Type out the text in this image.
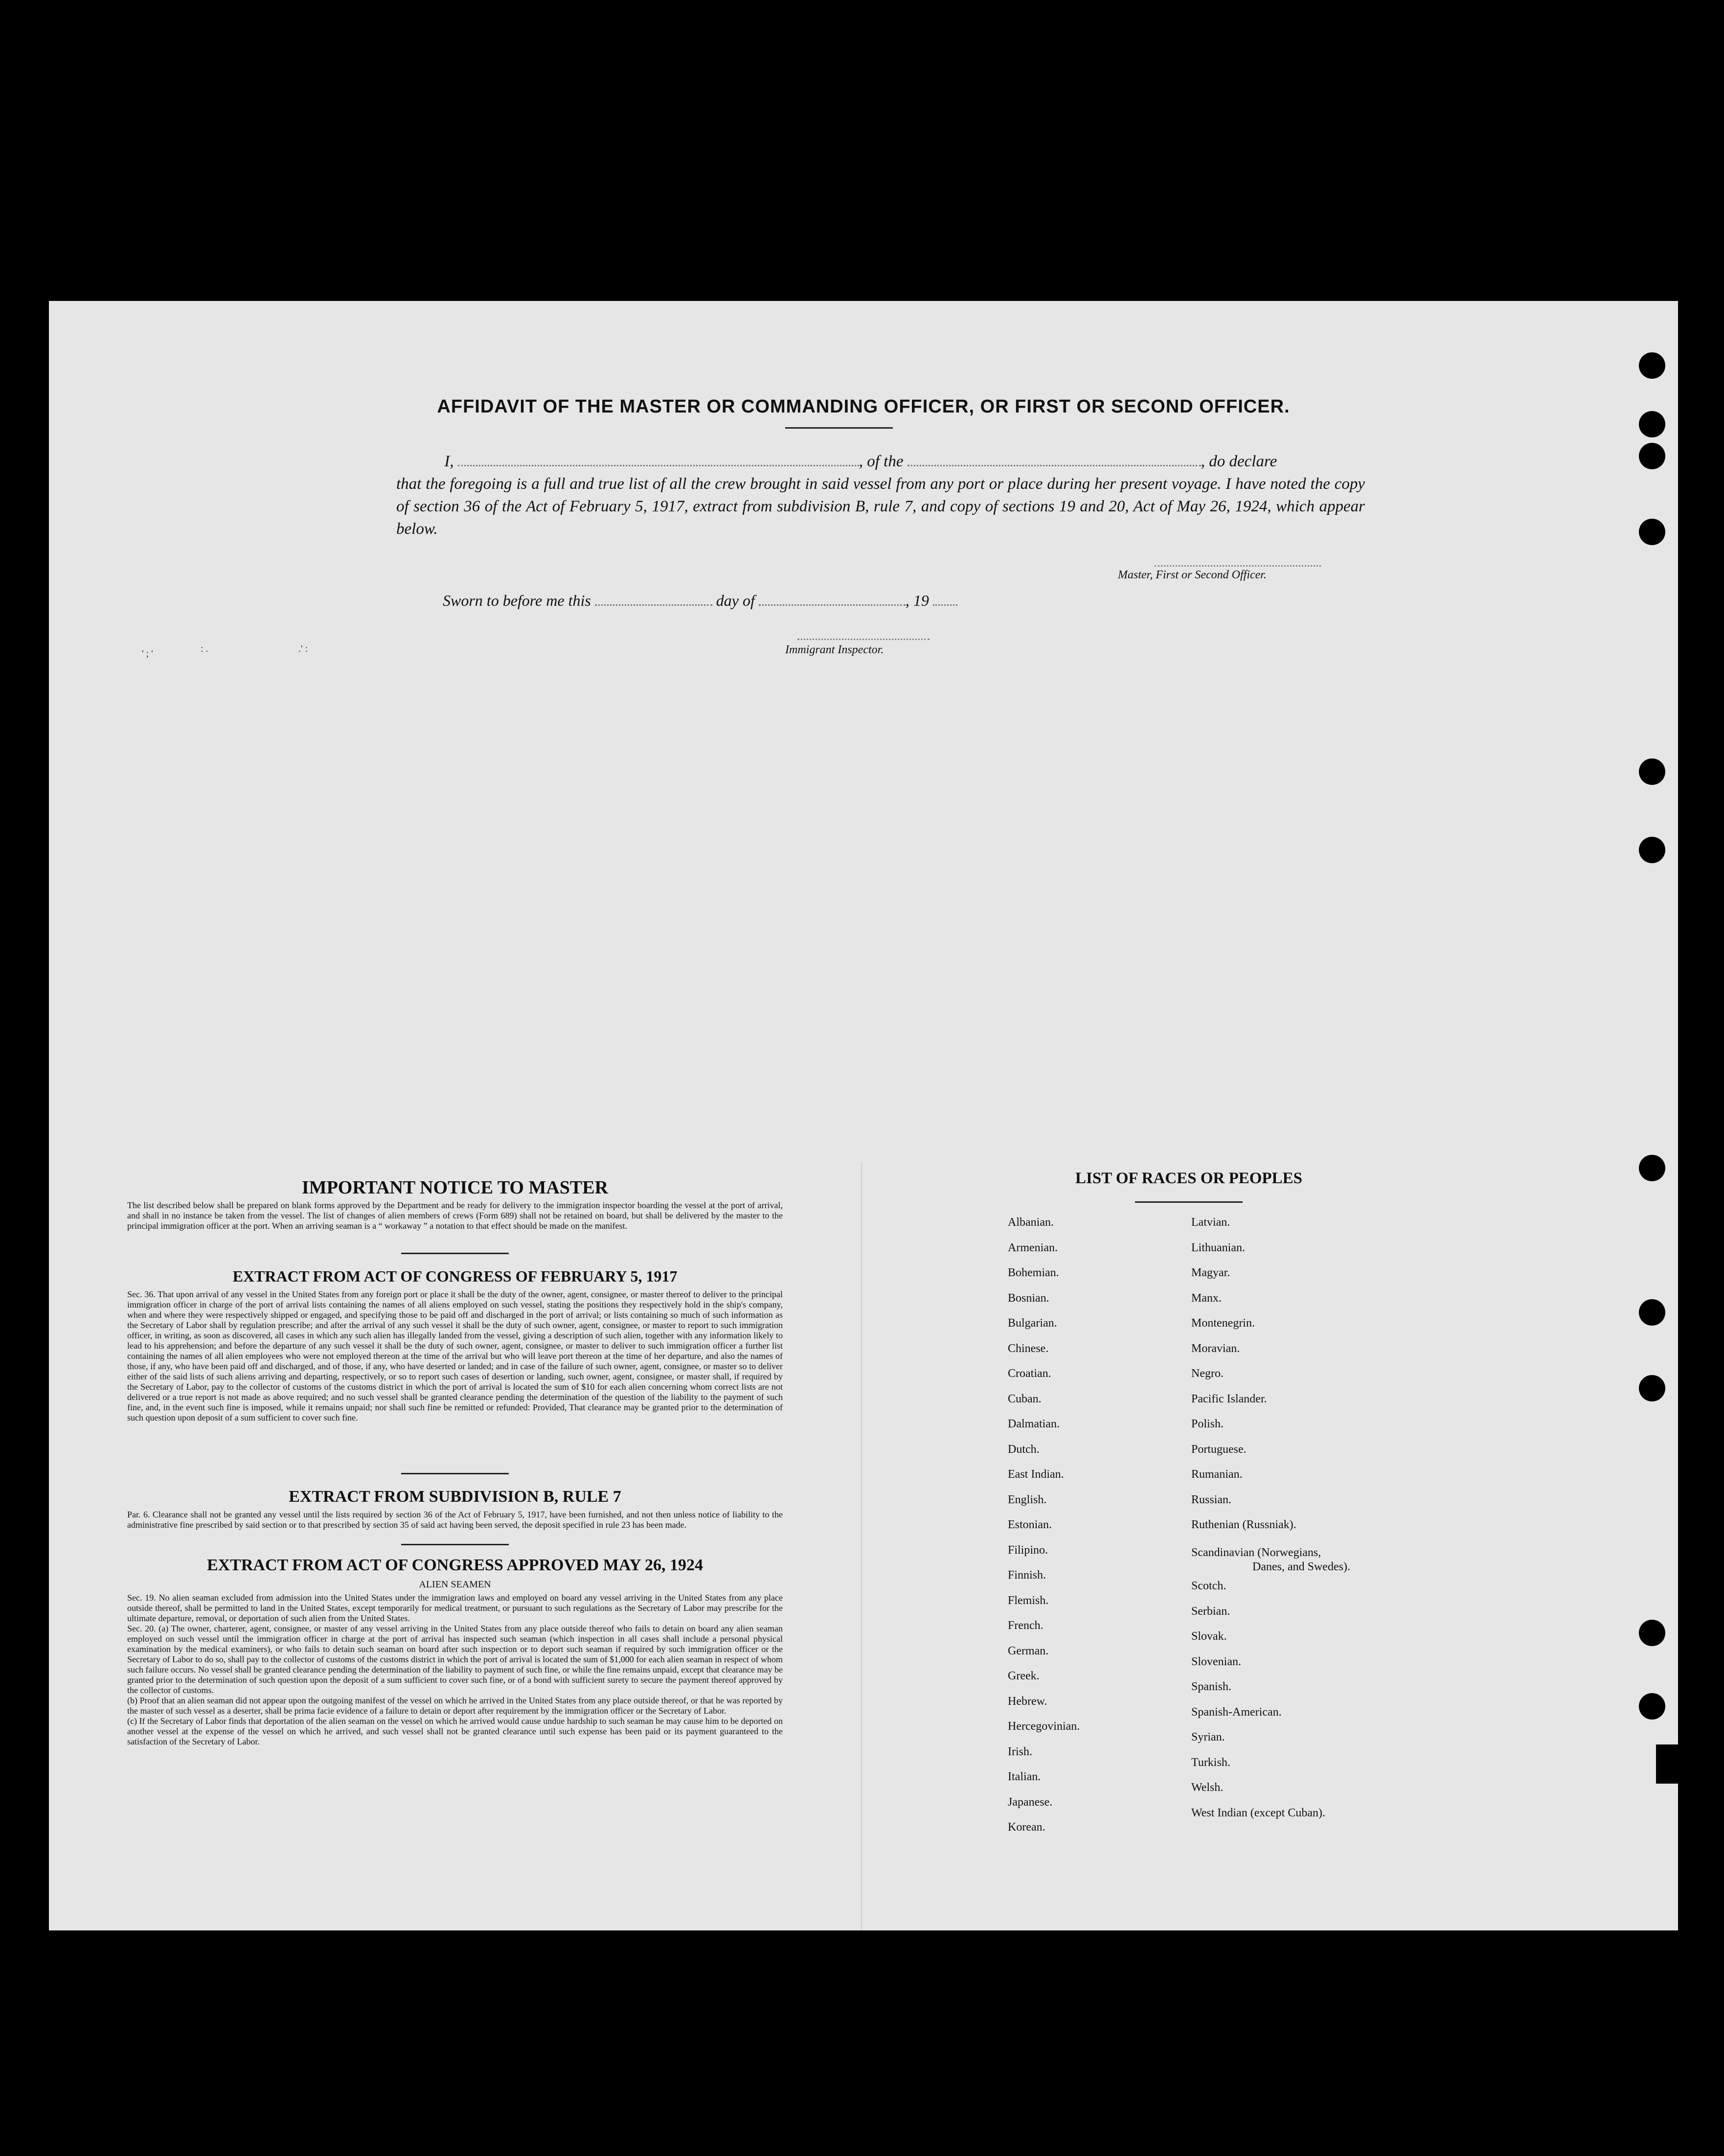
AFFIDAVIT OF THE MASTER OR COMMANDING OFFICER, OR FIRST OR SECOND OFFICER.
I,	, of the	, do declare
that the foregoing is a full and true list of all the crew brought in said vessel from any port or place during her present voyage. I have noted the copy of section 36 of the Act of February 5, 1917, extract from subdivision B, rule 7, and copy of sections 19 and 20, Act of May 26, 1924, which appear below.
Master, First or Second Officer.
Sworn to before me this	day of	, 19
Immigrant Inspector.
' ; '	: .	.' :
IMPORTANT NOTICE TO MASTER
The list described below shall be prepared on blank forms approved by the Department and be ready for delivery to the immigration inspector boarding the vessel at the port of arrival, and shall in no instance be taken from the vessel. The list of changes of alien members of crews (Form 689) shall not be retained on board, but shall be delivered by the master to the principal immigration officer at the port. When an arriving seaman is a “ workaway ” a notation to that effect should be made on the manifest.
EXTRACT FROM ACT OF CONGRESS OF FEBRUARY 5, 1917
Sec. 36. That upon arrival of any vessel in the United States from any foreign port or place it shall be the duty of the owner, agent, consignee, or master thereof to deliver to the principal immigration officer in charge of the port of arrival lists containing the names of all aliens employed on such vessel, stating the positions they respectively hold in the ship's company, when and where they were respectively shipped or engaged, and specifying those to be paid off and discharged in the port of arrival; or lists containing so much of such information as the Secretary of Labor shall by regulation prescribe; and after the arrival of any such vessel it shall be the duty of such owner, agent, consignee, or master to report to such immigration officer, in writing, as soon as discovered, all cases in which any such alien has illegally landed from the vessel, giving a description of such alien, together with any information likely to lead to his apprehension; and before the departure of any such vessel it shall be the duty of such owner, agent, consignee, or master to deliver to such immigration officer a further list containing the names of all alien employees who were not employed thereon at the time of the arrival but who will leave port thereon at the time of her departure, and also the names of those, if any, who have been paid off and discharged, and of those, if any, who have deserted or landed; and in case of the failure of such owner, agent, consignee, or master so to deliver either of the said lists of such aliens arriving and departing, respectively, or so to report such cases of desertion or landing, such owner, agent, consignee, or master shall, if required by the Secretary of Labor, pay to the collector of customs of the customs district in which the port of arrival is located the sum of $10 for each alien concerning whom correct lists are not delivered or a true report is not made as above required; and no such vessel shall be granted clearance pending the determination of the question of the liability to the payment of such fine, and, in the event such fine is imposed, while it remains unpaid; nor shall such fine be remitted or refunded: Provided, That clearance may be granted prior to the determination of such question upon deposit of a sum sufficient to cover such fine.
EXTRACT FROM SUBDIVISION B, RULE 7
Par. 6. Clearance shall not be granted any vessel until the lists required by section 36 of the Act of February 5, 1917, have been furnished, and not then unless notice of liability to the administrative fine prescribed by said section or to that prescribed by section 35 of said act having been served, the deposit specified in rule 23 has been made.
EXTRACT FROM ACT OF CONGRESS APPROVED MAY 26, 1924
ALIEN SEAMEN
Sec. 19. No alien seaman excluded from admission into the United States under the immigration laws and employed on board any vessel arriving in the United States from any place outside thereof, shall be permitted to land in the United States, except temporarily for medical treatment, or pursuant to such regulations as the Secretary of Labor may prescribe for the ultimate departure, removal, or deportation of such alien from the United States.
Sec. 20. (a) The owner, charterer, agent, consignee, or master of any vessel arriving in the United States from any place outside thereof who fails to detain on board any alien seaman employed on such vessel until the immigration officer in charge at the port of arrival has inspected such seaman (which inspection in all cases shall include a personal physical examination by the medical examiners), or who fails to detain such seaman on board after such inspection or to deport such seaman if required by such immigration officer or the Secretary of Labor to do so, shall pay to the collector of customs of the customs district in which the port of arrival is located the sum of $1,000 for each alien seaman in respect of whom such failure occurs. No vessel shall be granted clearance pending the determination of the liability to payment of such fine, or while the fine remains unpaid, except that clearance may be granted prior to the determination of such question upon the deposit of a sum sufficient to cover such fine, or of a bond with sufficient surety to secure the payment thereof approved by the collector of customs.
(b) Proof that an alien seaman did not appear upon the outgoing manifest of the vessel on which he arrived in the United States from any place outside thereof, or that he was reported by the master of such vessel as a deserter, shall be prima facie evidence of a failure to detain or deport after requirement by the immigration officer or the Secretary of Labor.
(c) If the Secretary of Labor finds that deportation of the alien seaman on the vessel on which he arrived would cause undue hardship to such seaman he may cause him to be deported on another vessel at the expense of the vessel on which he arrived, and such vessel shall not be granted clearance until such expense has been paid or its payment guaranteed to the satisfaction of the Secretary of Labor.
LIST OF RACES OR PEOPLES
Albanian.
Armenian.
Bohemian.
Bosnian.
Bulgarian.
Chinese.
Croatian.
Cuban.
Dalmatian.
Dutch.
East Indian.
English.
Estonian.
Filipino.
Finnish.
Flemish.
French.
German.
Greek.
Hebrew.
Hercegovinian.
Irish.
Italian.
Japanese.
Korean.
Latvian.
Lithuanian.
Magyar.
Manx.
Montenegrin.
Moravian.
Negro.
Pacific Islander.
Polish.
Portuguese.
Rumanian.
Russian.
Ruthenian (Russniak).
Scandinavian (Norwegians,
Danes, and Swedes).
Scotch.
Serbian.
Slovak.
Slovenian.
Spanish.
Spanish-American.
Syrian.
Turkish.
Welsh.
West Indian (except Cuban).
